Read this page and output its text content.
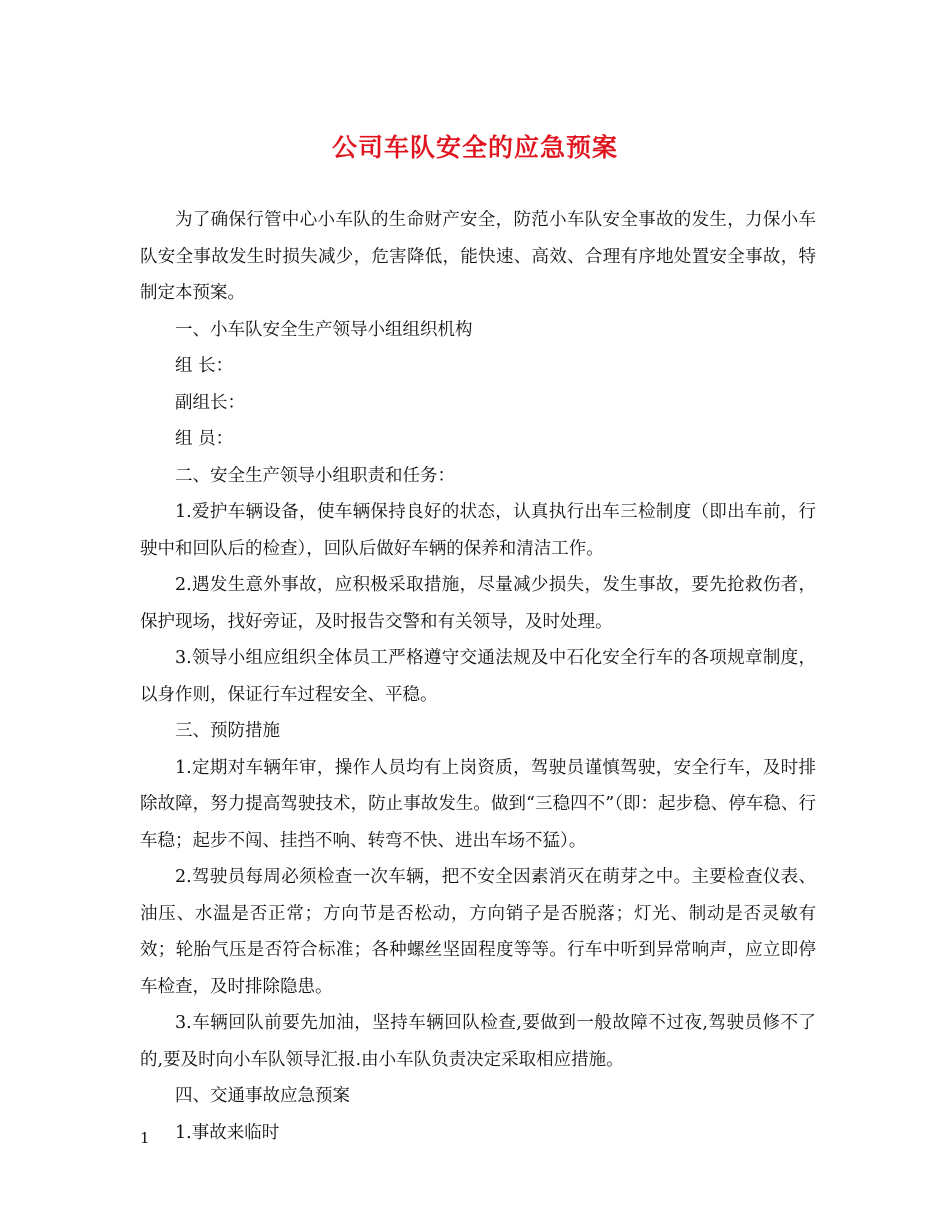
公司车队安全的应急预案

为了确保行管中心小车队的生命财产安全，防范小车队安全事故的发生，力保小车队安全事故发生时损失减少，危害降低，能快速、高效、合理有序地处置安全事故，特制定本预案。

一、小车队安全生产领导小组组织机构

组 长：

副组长：

组 员：

二、安全生产领导小组职责和任务：

1.爱护车辆设备，使车辆保持良好的状态，认真执行出车三检制度（即出车前，行驶中和回队后的检查），回队后做好车辆的保养和清洁工作。

2.遇发生意外事故，应积极采取措施，尽量减少损失，发生事故，要先抢救伤者，保护现场，找好旁证，及时报告交警和有关领导，及时处理。

3.领导小组应组织全体员工严格遵守交通法规及中石化安全行车的各项规章制度，以身作则，保证行车过程安全、平稳。

三、预防措施

1.定期对车辆年审，操作人员均有上岗资质，驾驶员谨慎驾驶，安全行车，及时排除故障，努力提高驾驶技术，防止事故发生。做到“三稳四不”（即：起步稳、停车稳、行车稳；起步不闯、挂挡不响、转弯不快、进出车场不猛）。

2.驾驶员每周必须检查一次车辆，把不安全因素消灭在萌芽之中。主要检查仪表、油压、水温是否正常；方向节是否松动，方向销子是否脱落；灯光、制动是否灵敏有效；轮胎气压是否符合标准；各种螺丝坚固程度等等。行车中听到异常响声，应立即停车检查，及时排除隐患。

3.车辆回队前要先加油，坚持车辆回队检查,要做到一般故障不过夜,驾驶员修不了的,要及时向小车队领导汇报.由小车队负责决定采取相应措施。

四、交通事故应急预案

1.事故来临时

1
